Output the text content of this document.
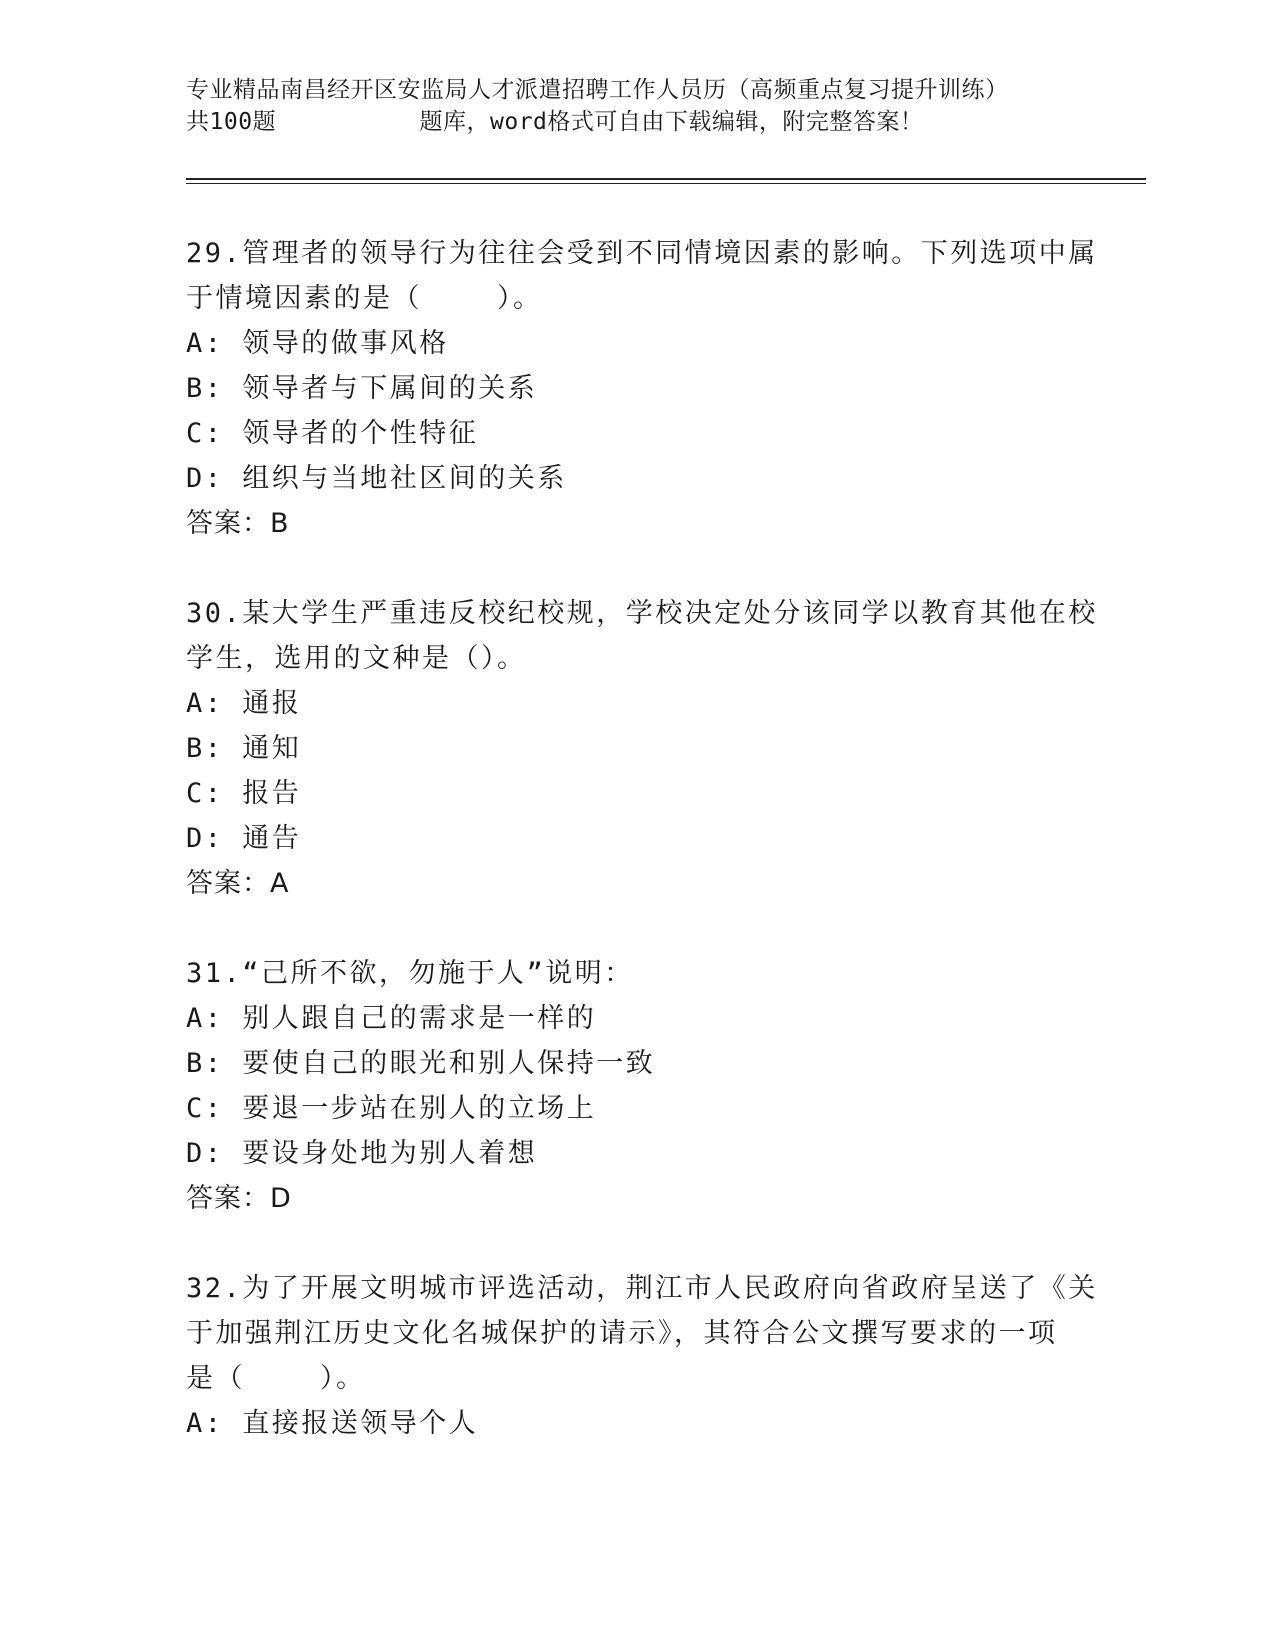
专业精品南昌经开区安监局人才派遣招聘工作人员历（高频重点复习提升训练）
共100题          题库，word格式可自由下载编辑，附完整答案！
29.管理者的领导行为往往会受到不同情境因素的影响。下列选项中属
于情境因素的是（    ）。
A: 领导的做事风格
B: 领导者与下属间的关系
C: 领导者的个性特征
D: 组织与当地社区间的关系
答案：B
30.某大学生严重违反校纪校规，学校决定处分该同学以教育其他在校
学生，选用的文种是（）。
A: 通报
B: 通知
C: 报告
D: 通告
答案：A
31.“己所不欲，勿施于人”说明：
A: 别人跟自己的需求是一样的
B: 要使自己的眼光和别人保持一致
C: 要退一步站在别人的立场上
D: 要设身处地为别人着想
答案：D
32.为了开展文明城市评选活动，荆江市人民政府向省政府呈送了《关
于加强荆江历史文化名城保护的请示》，其符合公文撰写要求的一项
是（    ）。
A: 直接报送领导个人
